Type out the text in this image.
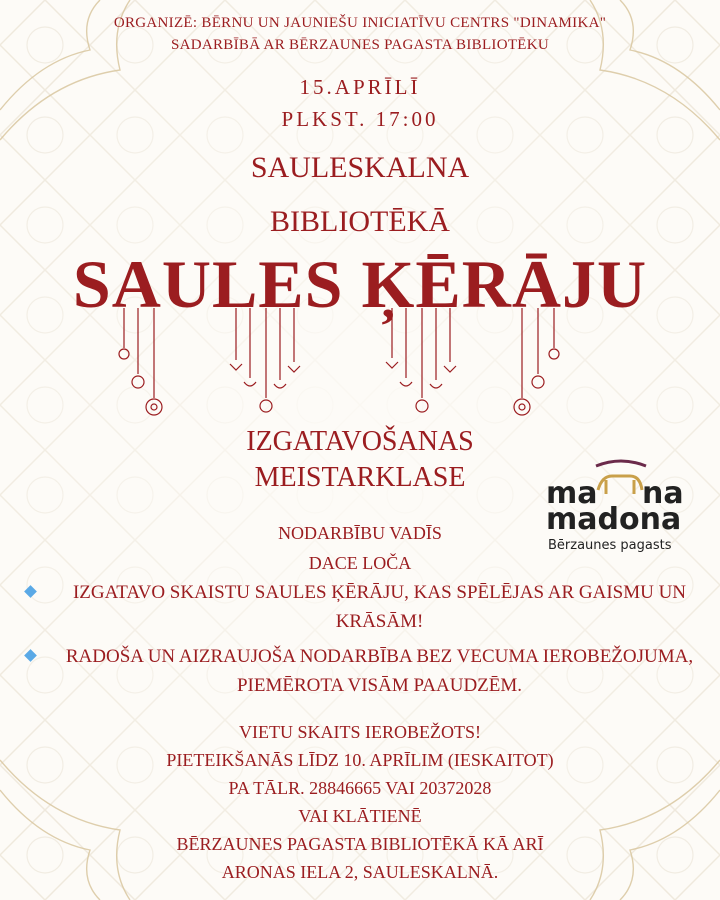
ORGANIZĒ: BĒRNU UN JAUNIEŠU INICIATĪVU CENTRS "DINAMIKA"
SADARBĪBĀ AR BĒRZAUNES PAGASTA BIBLIOTĒKU
15.APRĪLĪ
PLKST. 17:00
SAULESKALNA
BIBLIOTĒKĀ
SAULES ĶĒRĀJU
IZGATAVOŠANAS
MEISTARKLASE
NODARBĪBU VADĪS
DACE LOČA
ma na
madona
Bērzaunes pagasts
IZGATAVO SKAISTU SAULES ĶĒRĀJU, KAS SPĒLĒJAS AR GAISMU UN KRĀSĀM!
RADOŠA UN AIZRAUJOŠA NODARBĪBA BEZ VECUMA IEROBEŽOJUMA, PIEMĒROTA VISĀM PAAUDZĒM.
VIETU SKAITS IEROBEŽOTS!
PIETEIKŠANĀS LĪDZ 10. APRĪLIM (IESKAITOT)
PA TĀLR. 28846665 VAI 20372028
VAI KLĀTIENĒ
BĒRZAUNES PAGASTA BIBLIOTĒKĀ KĀ ARĪ
ARONAS IELA 2, SAULESKALNĀ.
